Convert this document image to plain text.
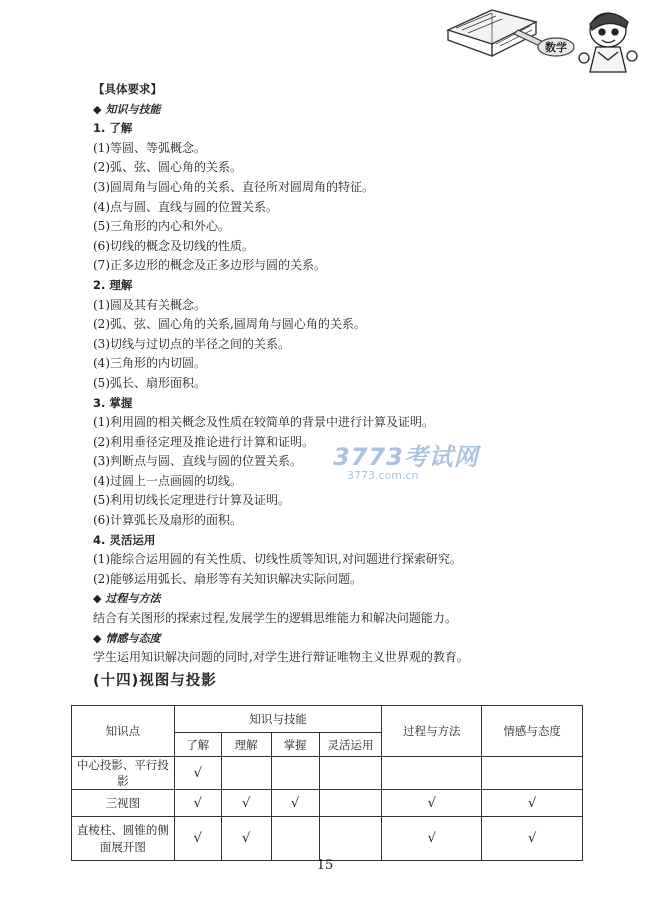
数学
【具体要求】
◆ 知识与技能
1. 了解
(1)等圆、等弧概念。
(2)弧、弦、圆心角的关系。
(3)圆周角与圆心角的关系、直径所对圆周角的特征。
(4)点与圆、直线与圆的位置关系。
(5)三角形的内心和外心。
(6)切线的概念及切线的性质。
(7)正多边形的概念及正多边形与圆的关系。
2. 理解
(1)圆及其有关概念。
(2)弧、弦、圆心角的关系,圆周角与圆心角的关系。
(3)切线与过切点的半径之间的关系。
(4)三角形的内切圆。
(5)弧长、扇形面积。
3. 掌握
(1)利用圆的相关概念及性质在较简单的背景中进行计算及证明。
(2)利用垂径定理及推论进行计算和证明。
(3)判断点与圆、直线与圆的位置关系。
(4)过圆上一点画圆的切线。
(5)利用切线长定理进行计算及证明。
(6)计算弧长及扇形的面积。
4. 灵活运用
(1)能综合运用圆的有关性质、切线性质等知识,对问题进行探索研究。
(2)能够运用弧长、扇形等有关知识解决实际问题。
◆ 过程与方法
结合有关图形的探索过程,发展学生的逻辑思维能力和解决问题能力。
◆ 情感与态度
学生运用知识解决问题的同时,对学生进行辩证唯物主义世界观的教育。
(十四)视图与投影
3773考试网
3773.com.cn
知识点	知识与技能				过程与方法	情感与态度
	了解	理解	掌握	灵活运用		
中心投影、平行投影	√					
三视图	√	√	√		√	√

直棱柱、圆锥的侧
面展开图	√	√			√	√
15
